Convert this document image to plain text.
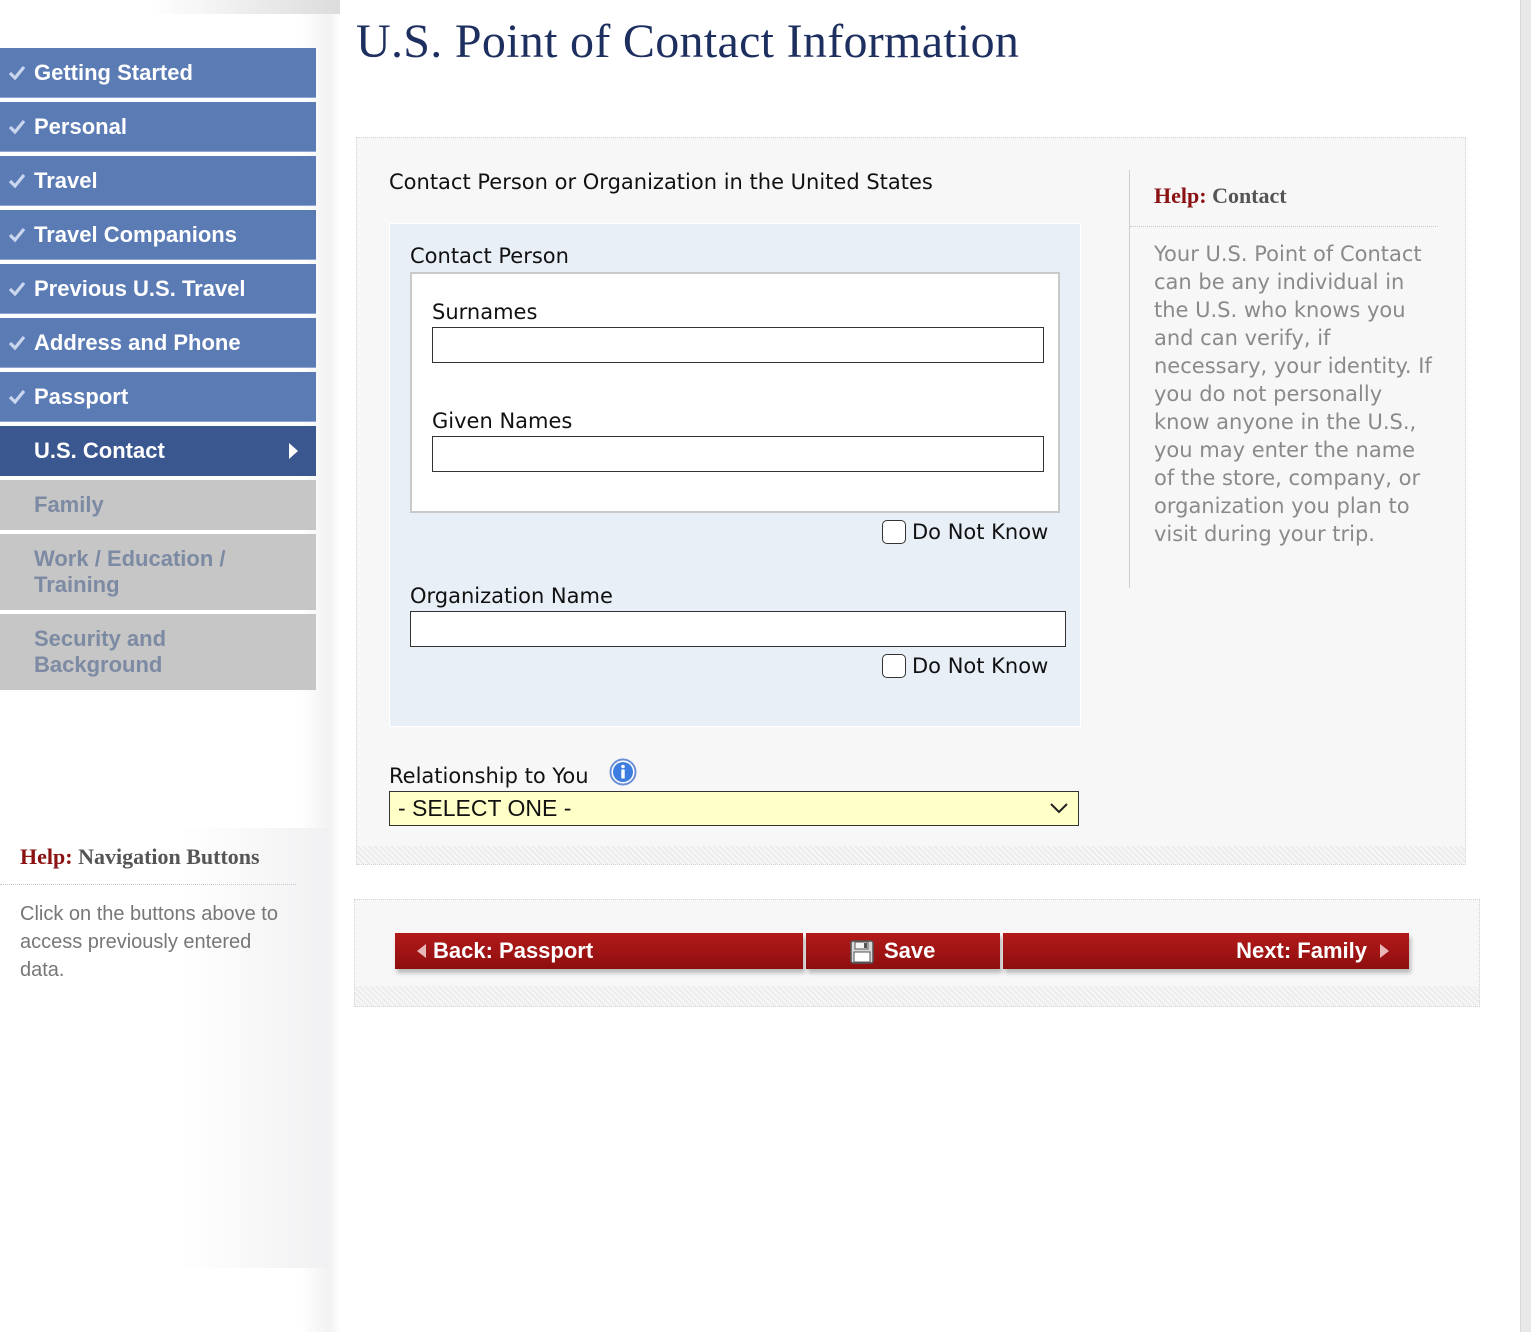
Getting Started
Personal
Travel
Travel Companions
Previous U.S. Travel
Address and Phone
Passport
U.S. Contact
Family
Work / Education / Training
Security and Background
Help: Navigation Buttons
Click on the buttons above to access previously entered data.
U.S. Point of Contact Information
Contact Person or Organization in the United States
Contact Person
Surnames
Given Names
Do Not Know
Organization Name
Do Not Know
Relationship to You
- SELECT ONE -
Help: Contact
Your U.S. Point of Contact can be any individual in the U.S. who knows you and can verify, if necessary, your identity. If you do not personally know anyone in the U.S., you may enter the name of the store, company, or organization you plan to visit during your trip.
Back: Passport	Save	Next: Family
